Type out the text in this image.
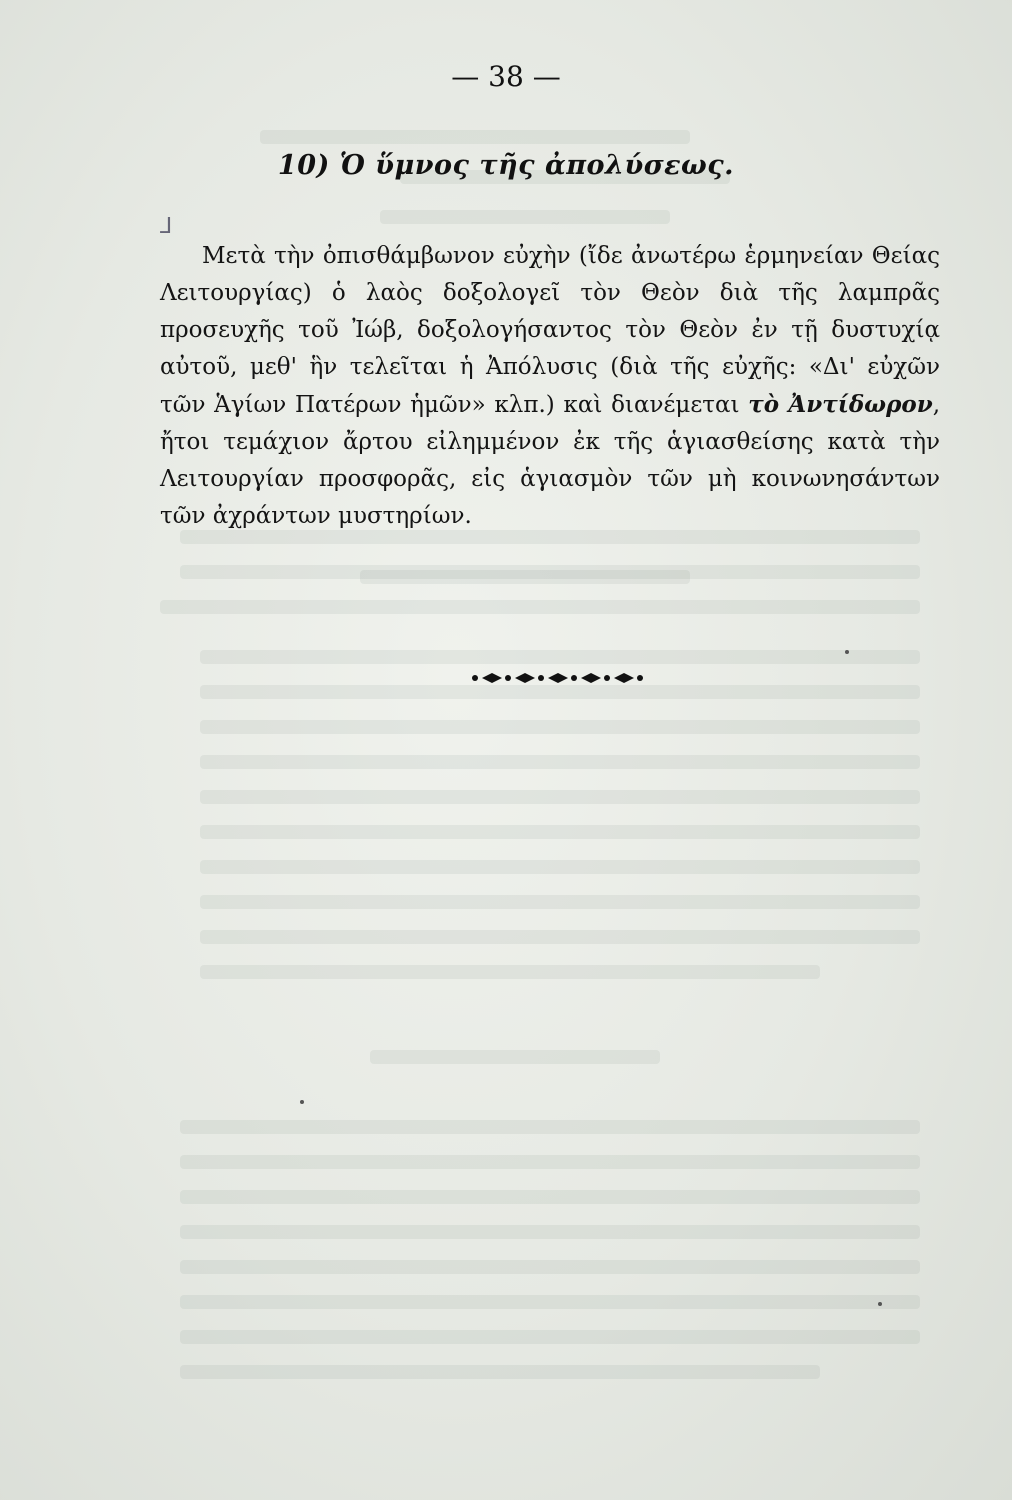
— 38 —
10) Ὁ ὕμνος τῆς ἀπολύσεως.
⅃

Μετὰ τὴν ὀπισθάμβωνον εὐχὴν (ἴδε ἀνωτέρω ἑρμηνείαν Θείας Λειτουργίας) ὁ λαὸς δοξολογεῖ τὸν Θεὸν διὰ τῆς λαμπρᾶς προσευχῆς τοῦ Ἰώβ, δοξολογήσαντος τὸν Θεὸν ἐν τῇ δυστυχίᾳ αὐτοῦ, μεθ' ἣν τελεῖται ἡ Ἀπόλυσις (διὰ τῆς εὐχῆς: «Δι' εὐχῶν τῶν Ἁγίων Πατέρων ἡμῶν» κλπ.) καὶ διανέμεται τὸ Ἀντίδωρον, ἤτοι τεμάχιον ἄρτου εἰλημμένον ἐκ τῆς ἁγιασθείσης κατὰ τὴν Λειτουργίαν προσφορᾶς, εἰς ἁγιασμὸν τῶν μὴ κοινωνησάντων τῶν ἀχράντων μυστηρίων.
